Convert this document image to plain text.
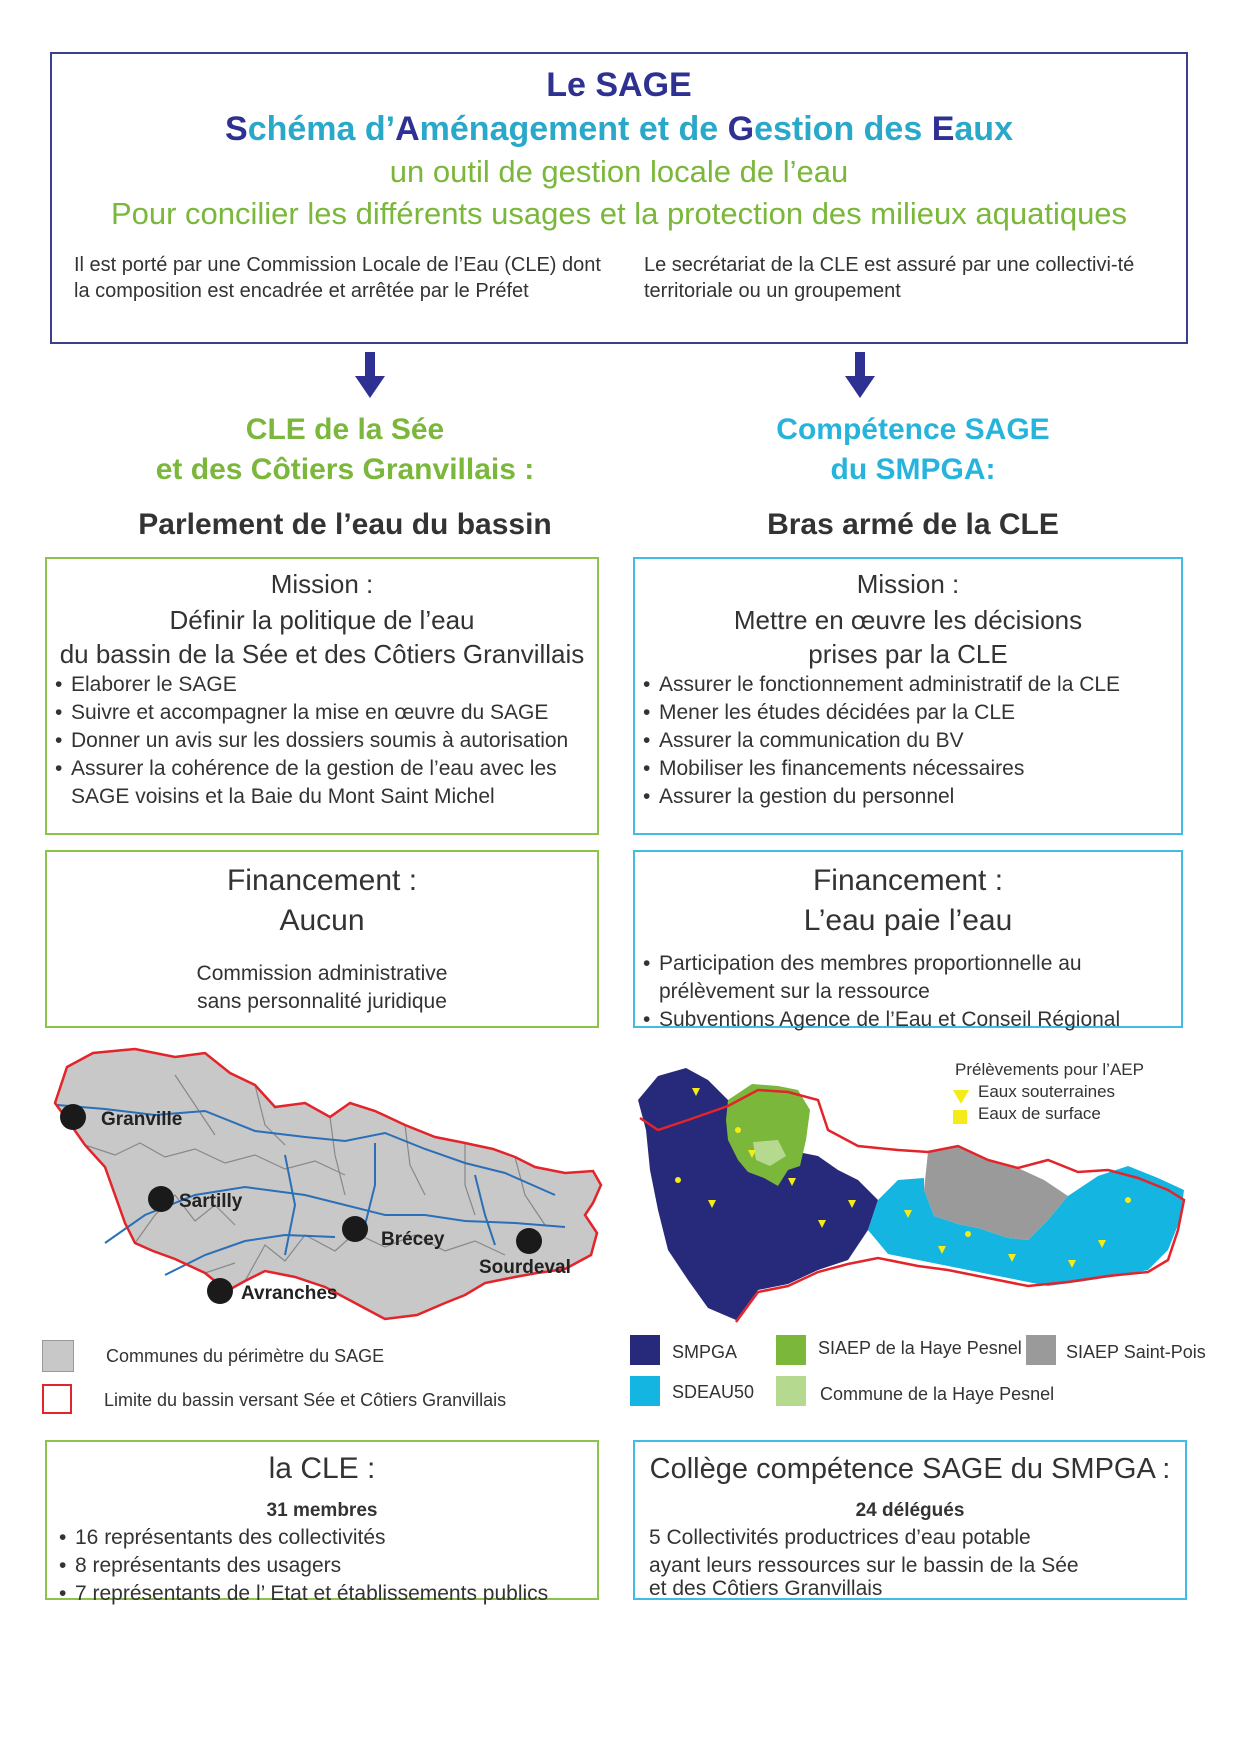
Le SAGE
Schéma d’Aménagement et de Gestion des Eaux
un outil de gestion locale de l’eau
Pour concilier les différents usages et la protection des milieux aquatiques
Il est porté par une Commission Locale de l’Eau (CLE) dont la composition est encadrée et arrêtée par le Préfet
Le secrétariat de la CLE est assuré par une collectivi-té territoriale ou un groupement
CLE de la Sée
et des Côtiers Granvillais :
Compétence SAGE
du SMPGA:
Parlement de l’eau du bassin	Bras armé de la CLE
Mission :
Définir la politique de l’eau
du bassin de la Sée et des Côtiers Granvillais
• Elaborer le SAGE
• Suivre et accompagner la mise en œuvre du SAGE
• Donner un avis sur les dossiers soumis à autorisation
• Assurer la cohérence de la gestion de l’eau avec les SAGE voisins et la Baie du Mont Saint Michel
Mission :
Mettre en œuvre les décisions
prises par la CLE
• Assurer le fonctionnement administratif de la CLE
• Mener les études décidées par la CLE
• Assurer la communication du BV
• Mobiliser les financements nécessaires
• Assurer la gestion du personnel
Financement :
Aucun
Commission administrative
sans personnalité juridique
Financement :
L’eau paie l’eau
• Participation des membres proportionnelle au prélèvement sur la ressource
• Subventions Agence de l’Eau et Conseil Régional
Granville
Sartilly
Brécey
Sourdeval
Avranches
Communes du périmètre du SAGE
Limite du bassin versant Sée et Côtiers Granvillais
Prélèvements pour l’AEP
Eaux souterraines
Eaux de surface
SMPGA	SIAEP de la Haye Pesnel SIAEP Saint-Pois
SDEAU50	Commune de la Haye Pesnel
la CLE :
31 membres
• 16 représentants des collectivités
• 8 représentants des usagers
• 7 représentants de l’ Etat et établissements publics
Collège compétence SAGE du SMPGA :
24 délégués
5 Collectivités productrices d’eau potable
ayant leurs ressources sur le bassin de la Sée
et des Côtiers Granvillais
